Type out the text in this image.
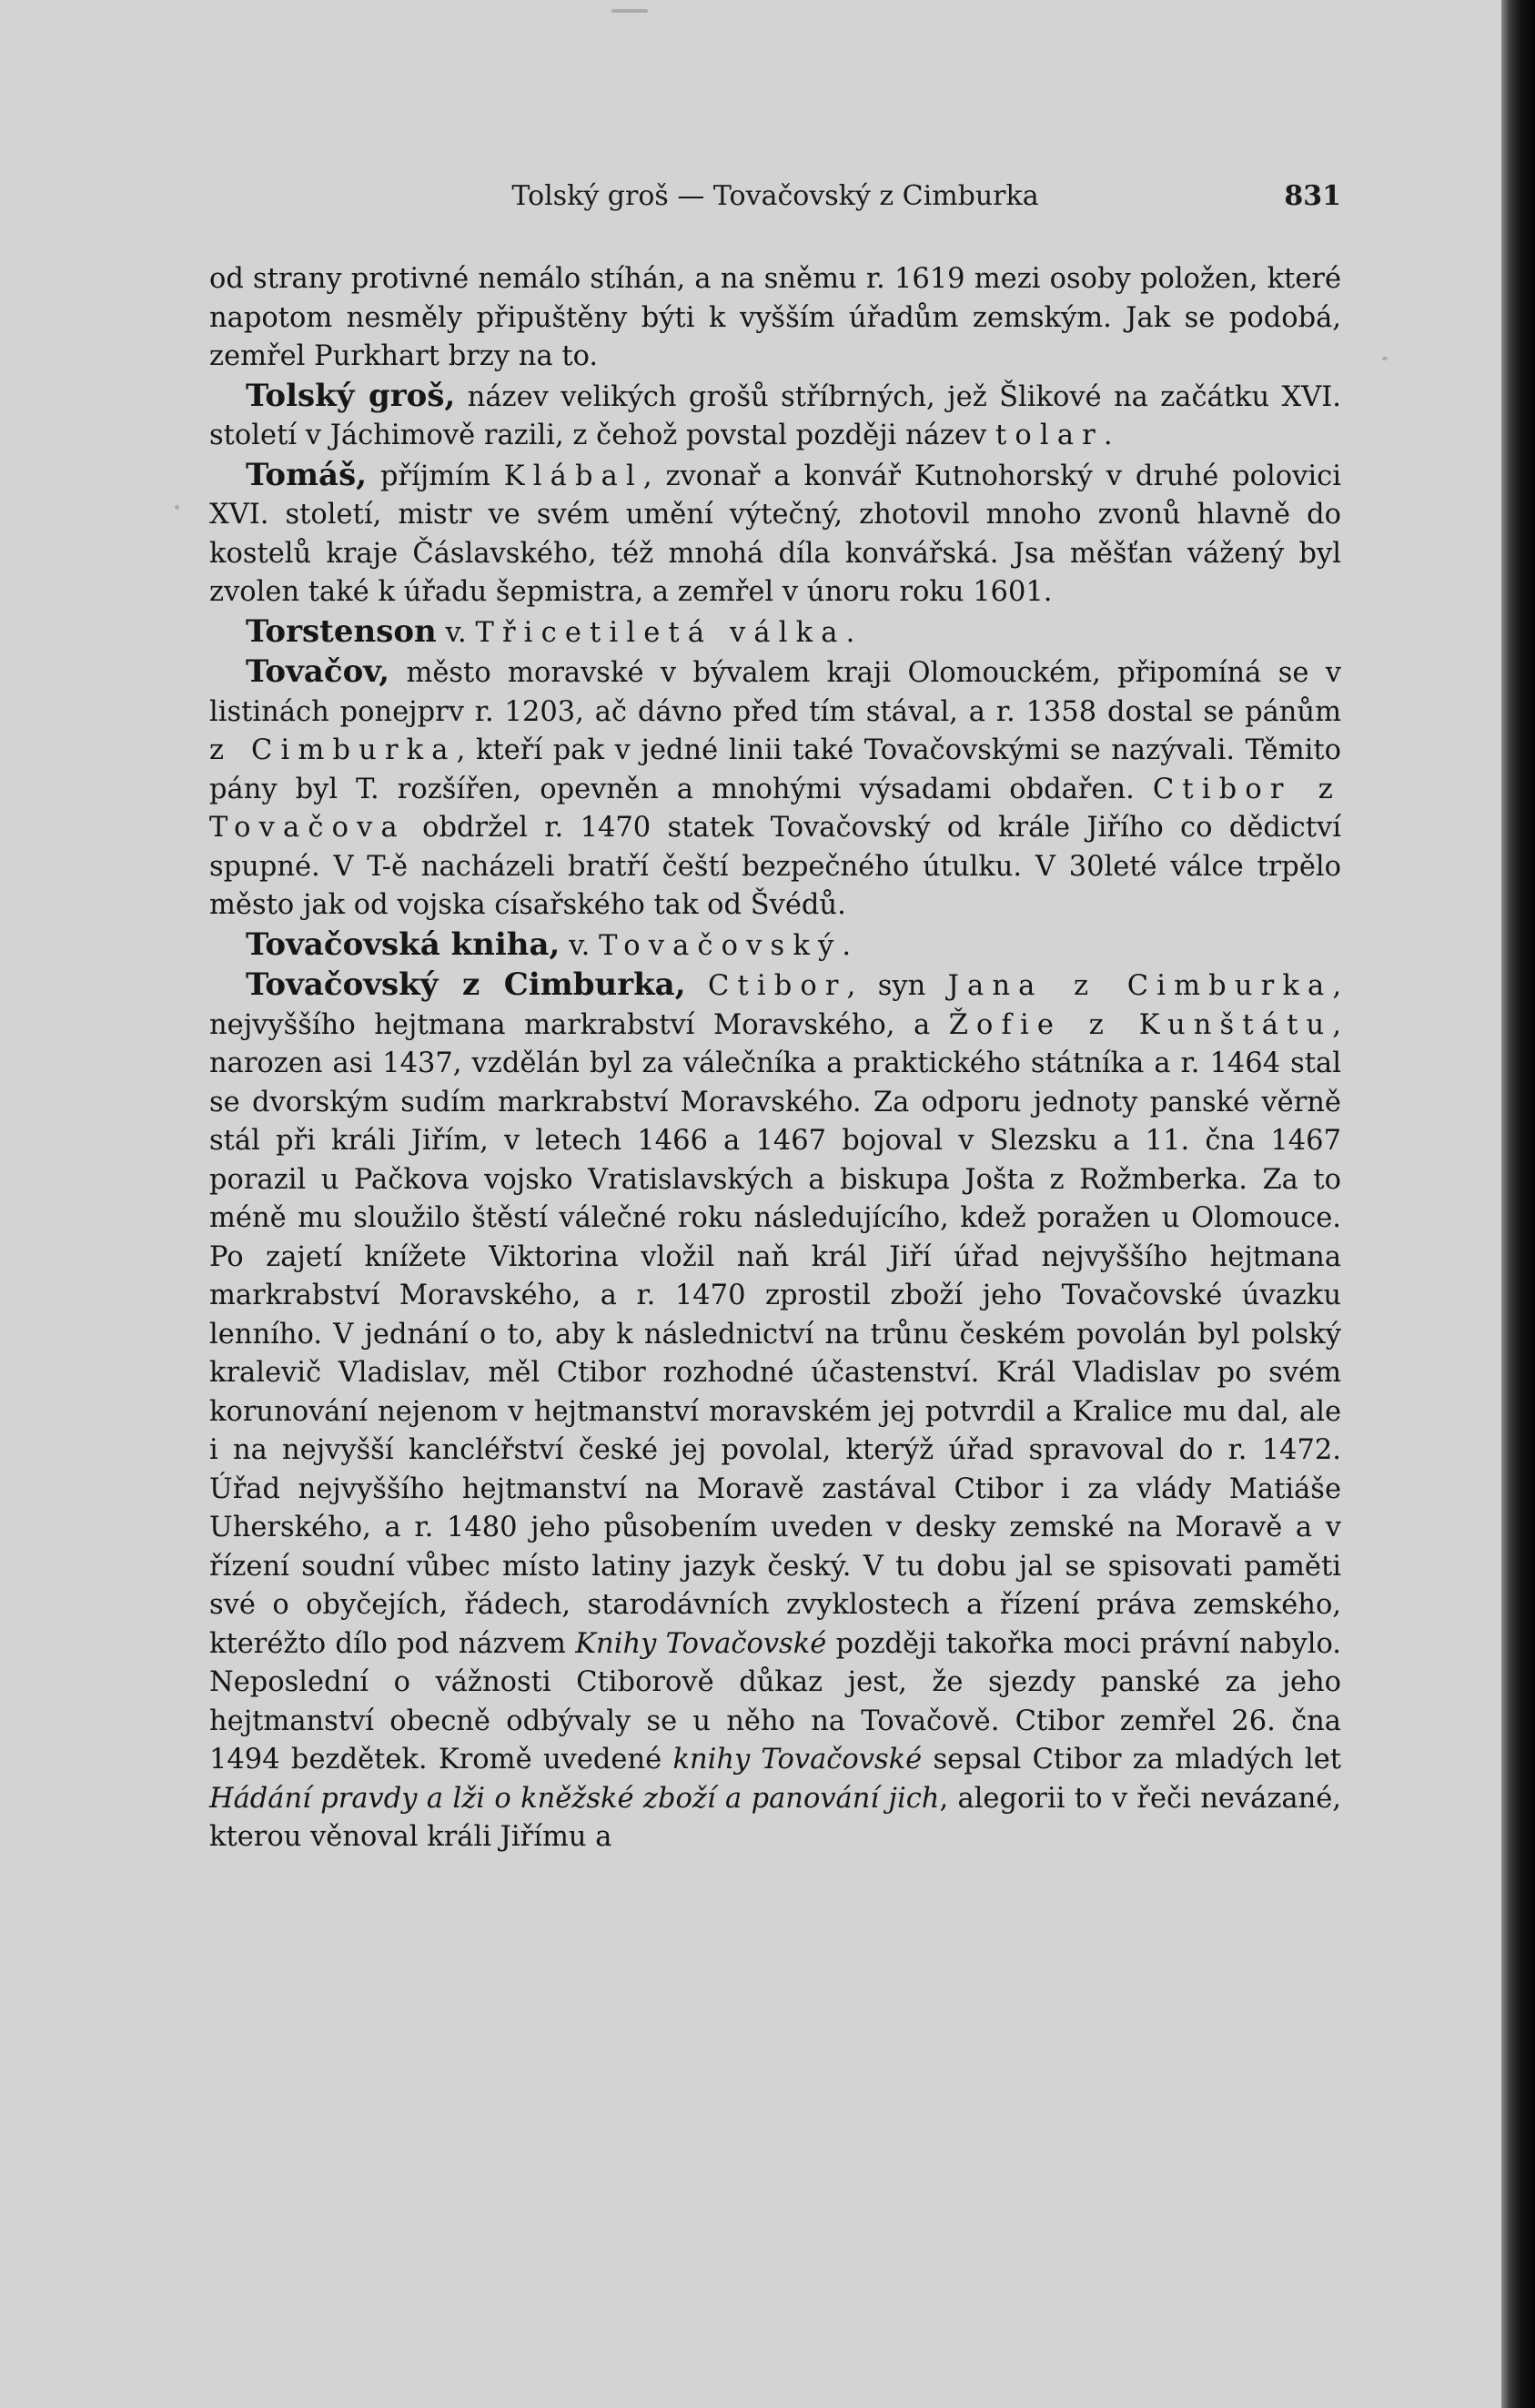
Tolský groš — Tovačovský z Cimburka	831

od strany protivné nemálo stíhán, a na sněmu r. 1619 mezi osoby položen, které napotom nesměly připuštěny býti k vyšším úřadům zemským. Jak se podobá, zemřel Purkhart brzy na to.

Tolský groš, název velikých grošů stříbrných, jež Šlikové na začátku XVI. století v Jáchimově razili, z čehož povstal později název tolar.

Tomáš, příjmím Klábal, zvonař a konvář Kutnohorský v druhé polovici XVI. století, mistr ve svém umění výtečný, zhotovil mnoho zvonů hlavně do kostelů kraje Čáslavského, též mnohá díla konvářská. Jsa měšťan vážený byl zvolen také k úřadu šepmistra, a zemřel v únoru roku 1601.

Torstenson v. Třicetiletá válka.

Tovačov, město moravské v bývalem kraji Olomouckém, připomíná se v listinách ponejprv r. 1203, ač dávno před tím stával, a r. 1358 dostal se pánům z Cimburka, kteří pak v jedné linii také Tovačovskými se nazývali. Těmito pány byl T. rozšířen, opevněn a mnohými výsadami obdařen. Ctibor z Tovačova obdržel r. 1470 statek Tovačovský od krále Jiřího co dědictví spupné. V T-ě nacházeli bratří čeští bezpečného útulku. V 30leté válce trpělo město jak od vojska císařského tak od Švédů.

Tovačovská kniha, v. Tovačovský.

Tovačovský z Cimburka, Ctibor, syn Jana z Cimburka, nejvyššího hejtmana markrabství Moravského, a Žofie z Kunštátu, narozen asi 1437, vzdělán byl za válečníka a praktického státníka a r. 1464 stal se dvorským sudím markrabství Moravského. Za odporu jednoty panské věrně stál při králi Jiřím, v letech 1466 a 1467 bojoval v Slezsku a 11. čna 1467 porazil u Pačkova vojsko Vratislavských a biskupa Jošta z Rožmberka. Za to méně mu sloužilo štěstí válečné roku následujícího, kdež poražen u Olomouce. Po zajetí knížete Viktorina vložil naň král Jiří úřad nejvyššího hejtmana markrabství Moravského, a r. 1470 zprostil zboží jeho Tovačovské úvazku lenního. V jednání o to, aby k následnictví na trůnu českém povolán byl polský kralevič Vladislav, měl Ctibor rozhodné účastenství. Král Vladislav po svém korunování nejenom v hejtmanství moravském jej potvrdil a Kralice mu dal, ale i na nejvyšší kancléřství české jej povolal, kterýž úřad spravoval do r. 1472. Úřad nejvyššího hejtmanství na Moravě zastával Ctibor i za vlády Matiáše Uherského, a r. 1480 jeho působením uveden v desky zemské na Moravě a v řízení soudní vůbec místo latiny jazyk český. V tu dobu jal se spisovati paměti své o obyčejích, řádech, starodávních zvyklostech a řízení práva zemského, kteréžto dílo pod názvem Knihy Tovačovské později takořka moci právní nabylo. Neposlední o vážnosti Ctiborově důkaz jest, že sjezdy panské za jeho hejtmanství obecně odbývaly se u něho na Tovačově. Ctibor zemřel 26. čna 1494 bezdětek. Kromě uvedené knihy Tovačovské sepsal Ctibor za mladých let Hádání pravdy a lži o kněžské zboží a panování jich, alegorii to v řeči nevázané, kterou věnoval králi Jiřímu a
